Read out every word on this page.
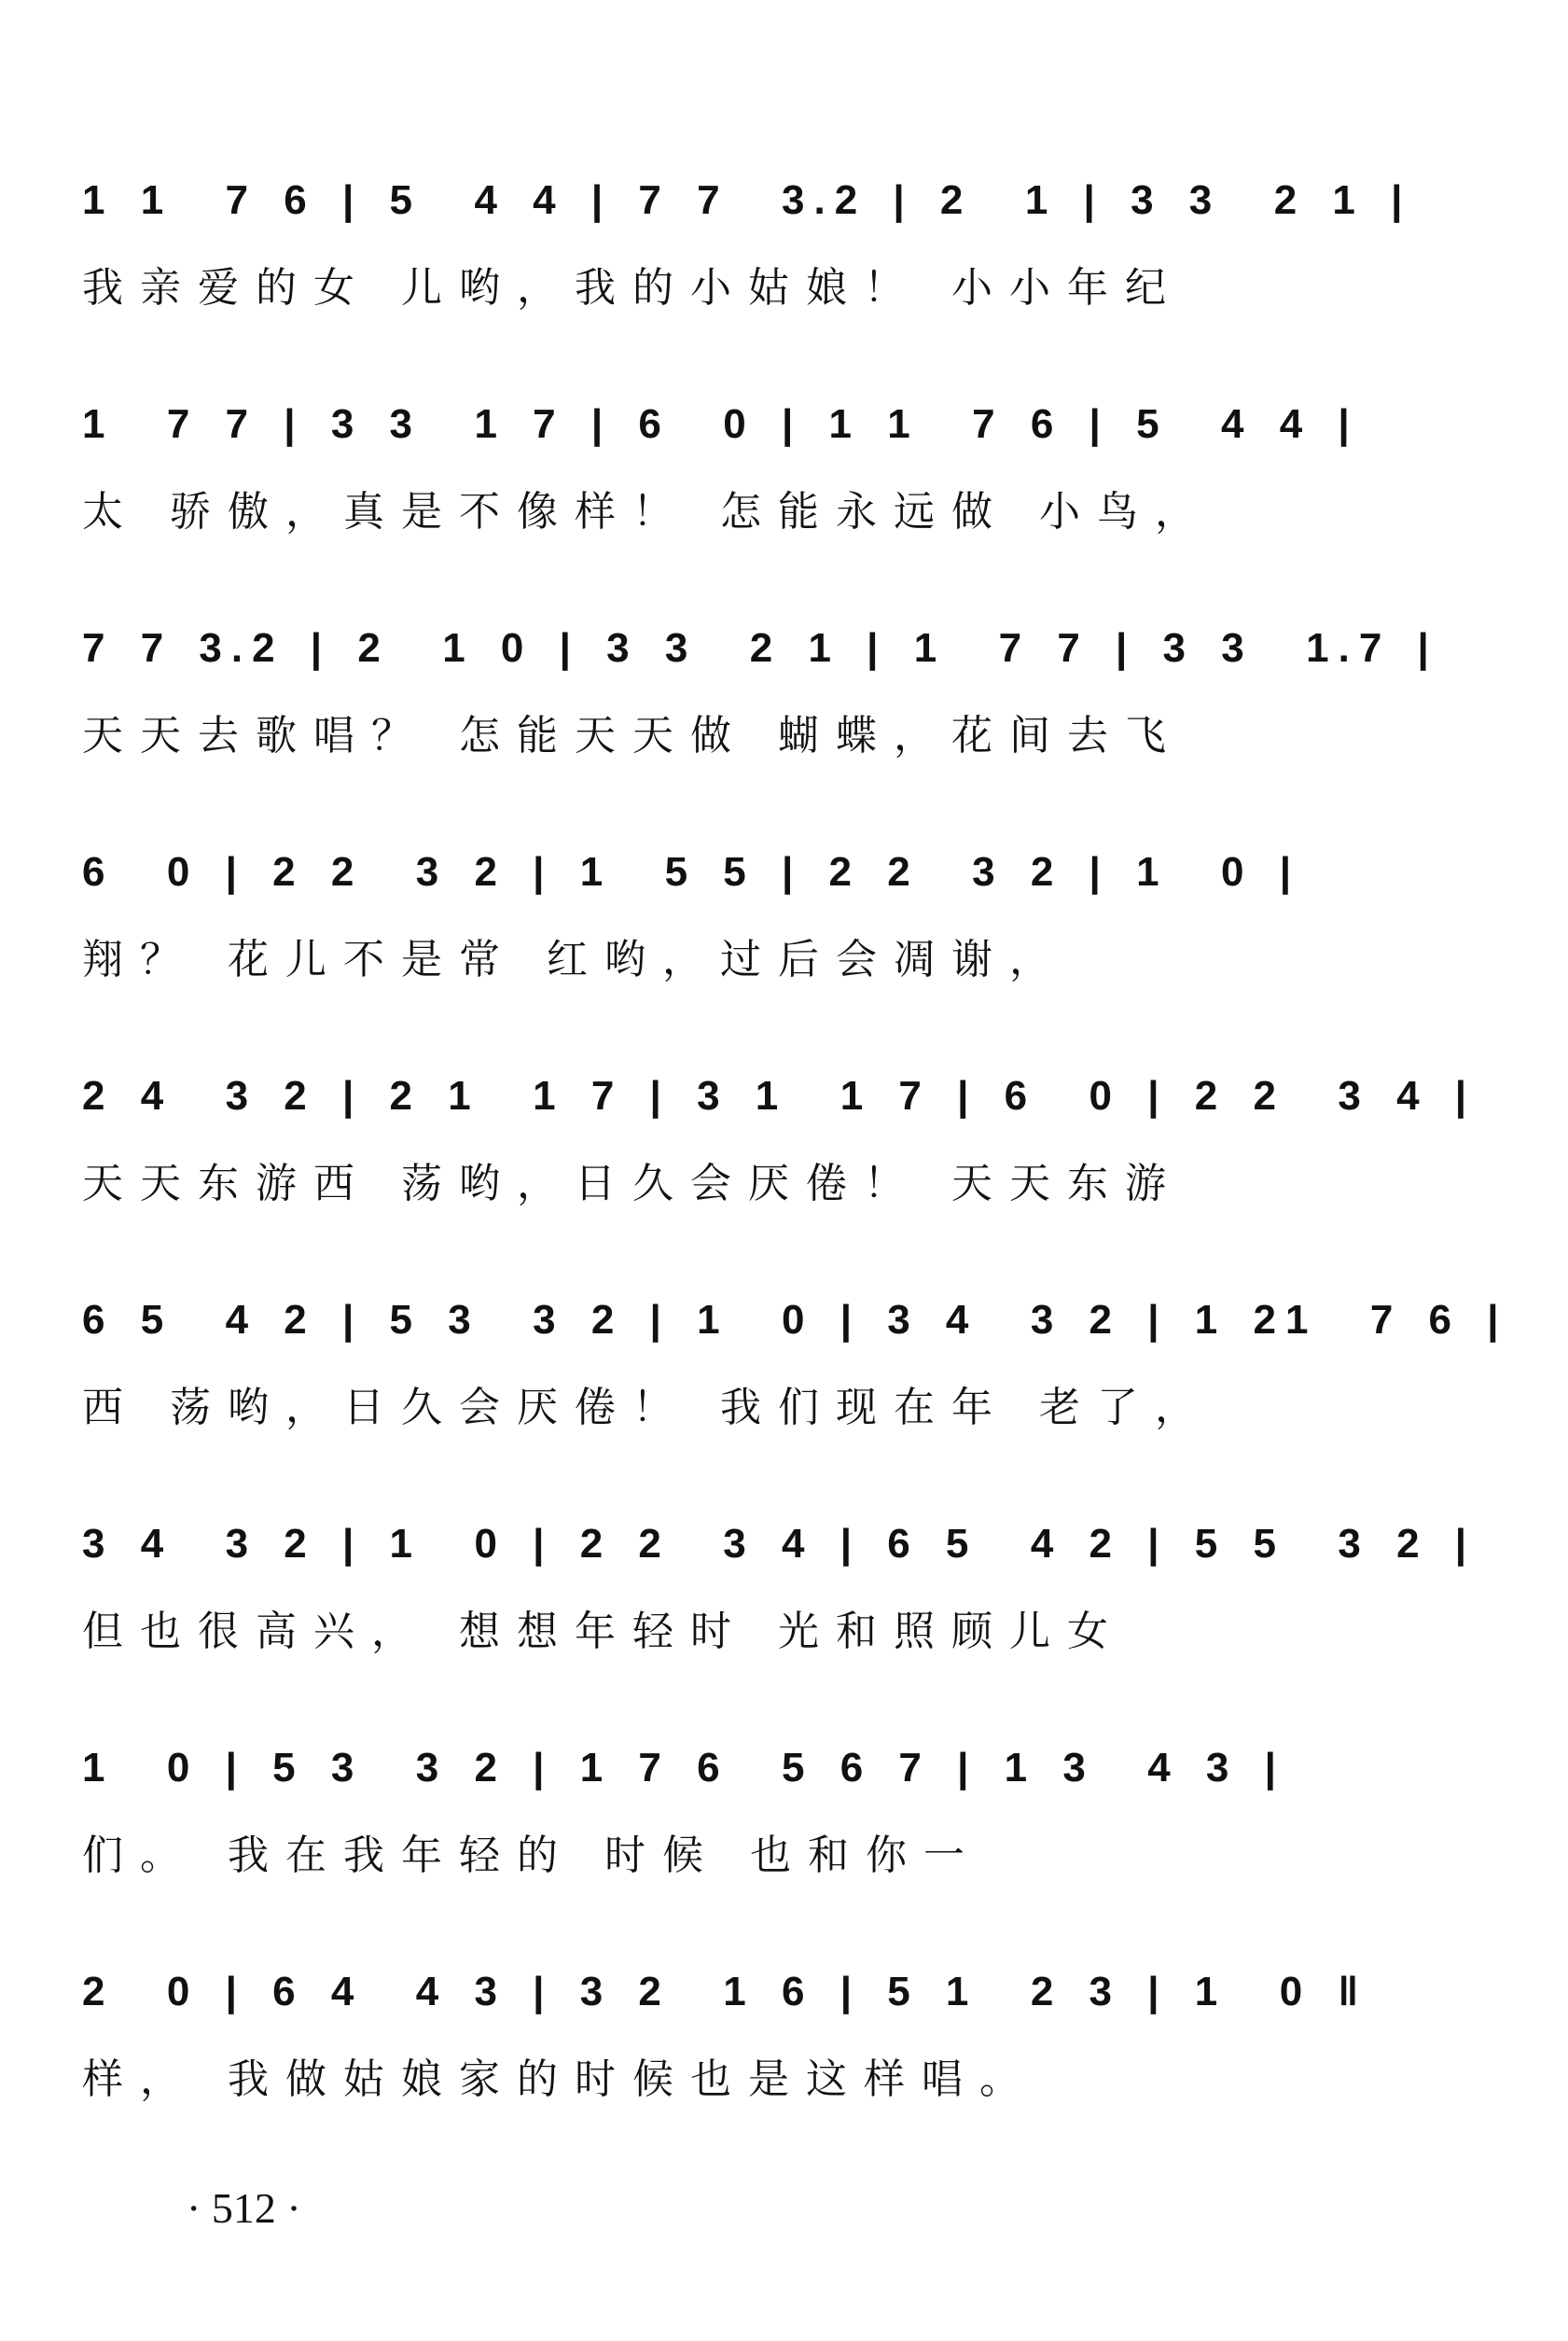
1 1  7 6 | 5  4 4 | 7 7  3.2 | 2  1 | 3 3  2 1 |
我亲爱的女 儿哟，我的小姑娘！ 小小年纪
1  7 7 | 3 3  1 7 | 6  0 | 1 1  7 6 | 5  4 4 |
太 骄傲，真是不像样！ 怎能永远做 小鸟，
7 7 3.2 | 2  1 0 | 3 3  2 1 | 1  7 7 | 3 3  1.7 |
天天去歌唱？ 怎能天天做 蝴蝶，花间去飞
6  0 | 2 2  3 2 | 1  5 5 | 2 2  3 2 | 1  0 |
翔？ 花儿不是常 红哟，过后会凋谢，
2 4  3 2 | 2 1  1 7 | 3 1  1 7 | 6  0 | 2 2  3 4 |
天天东游西 荡哟，日久会厌倦！ 天天东游
6 5  4 2 | 5 3  3 2 | 1  0 | 3 4  3 2 | 1 21  7 6 |
西 荡哟，日久会厌倦！ 我们现在年 老了，
3 4  3 2 | 1  0 | 2 2  3 4 | 6 5  4 2 | 5 5  3 2 |
但也很高兴， 想想年轻时 光和照顾儿女
1  0 | 5 3  3 2 | 1 7 6  5 6 7 | 1 3  4 3 |
们。 我在我年轻的 时候 也和你一
2  0 | 6 4  4 3 | 3 2  1 6 | 5 1  2 3 | 1  0 ‖
样， 我做姑娘家的时候也是这样唱。
· 512 ·
